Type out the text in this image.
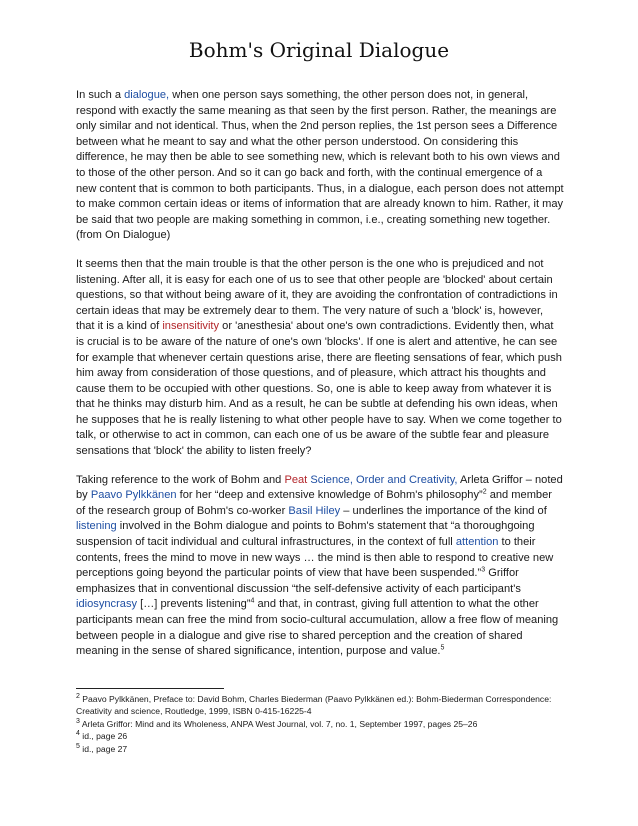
Bohm's Original Dialogue

In such a dialogue, when one person says something, the other person does not, in general, respond with exactly the same meaning as that seen by the first person. Rather, the meanings are only similar and not identical. Thus, when the 2nd person replies, the 1st person sees a Difference between what he meant to say and what the other person understood. On considering this difference, he may then be able to see something new, which is relevant both to his own views and to those of the other person. And so it can go back and forth, with the continual emergence of a new content that is common to both participants. Thus, in a dialogue, each person does not attempt to make common certain ideas or items of information that are already known to him. Rather, it may be said that two people are making something in common, i.e., creating something new together. (from On Dialogue)

It seems then that the main trouble is that the other person is the one who is prejudiced and not listening. After all, it is easy for each one of us to see that other people are 'blocked' about certain questions, so that without being aware of it, they are avoiding the confrontation of contradictions in certain ideas that may be extremely dear to them. The very nature of such a 'block' is, however, that it is a kind of insensitivity or 'anesthesia' about one's own contradictions. Evidently then, what is crucial is to be aware of the nature of one's own 'blocks'. If one is alert and attentive, he can see for example that whenever certain questions arise, there are fleeting sensations of fear, which push him away from consideration of those questions, and of pleasure, which attract his thoughts and cause them to be occupied with other questions. So, one is able to keep away from whatever it is that he thinks may disturb him. And as a result, he can be subtle at defending his own ideas, when he supposes that he is really listening to what other people have to say. When we come together to talk, or otherwise to act in common, can each one of us be aware of the subtle fear and pleasure sensations that 'block' the ability to listen freely?

Taking reference to the work of Bohm and Peat Science, Order and Creativity, Arleta Griffor – noted by Paavo Pylkkänen for her “deep and extensive knowledge of Bohm's philosophy”$^2$ and member of the research group of Bohm's co-worker Basil Hiley – underlines the importance of the kind of listening involved in the Bohm dialogue and points to Bohm's statement that “a thoroughgoing suspension of tacit individual and cultural infrastructures, in the context of full attention to their contents, frees the mind to move in new ways … the mind is then able to respond to creative new perceptions going beyond the particular points of view that have been suspended.”$^3$ Griffor emphasizes that in conventional discussion “the self-defensive activity of each participant's idiosyncrasy […] prevents listening”$^4$ and that, in contrast, giving full attention to what the other participants mean can free the mind from socio-cultural accumulation, allow a free flow of meaning between people in a dialogue and give rise to shared perception and the creation of shared meaning in the sense of shared significance, intention, purpose and value.$^5$

$^2$ Paavo Pylkkänen, Preface to: David Bohm, Charles Biederman (Paavo Pylkkänen ed.): Bohm-Biederman Correspondence: Creativity and science, Routledge, 1999, ISBN 0-415-16225-4

$^3$ Arleta Griffor: Mind and its Wholeness, ANPA West Journal, vol. 7, no. 1, September 1997, pages 25–26

$^4$ id., page 26

$^5$ id., page 27
